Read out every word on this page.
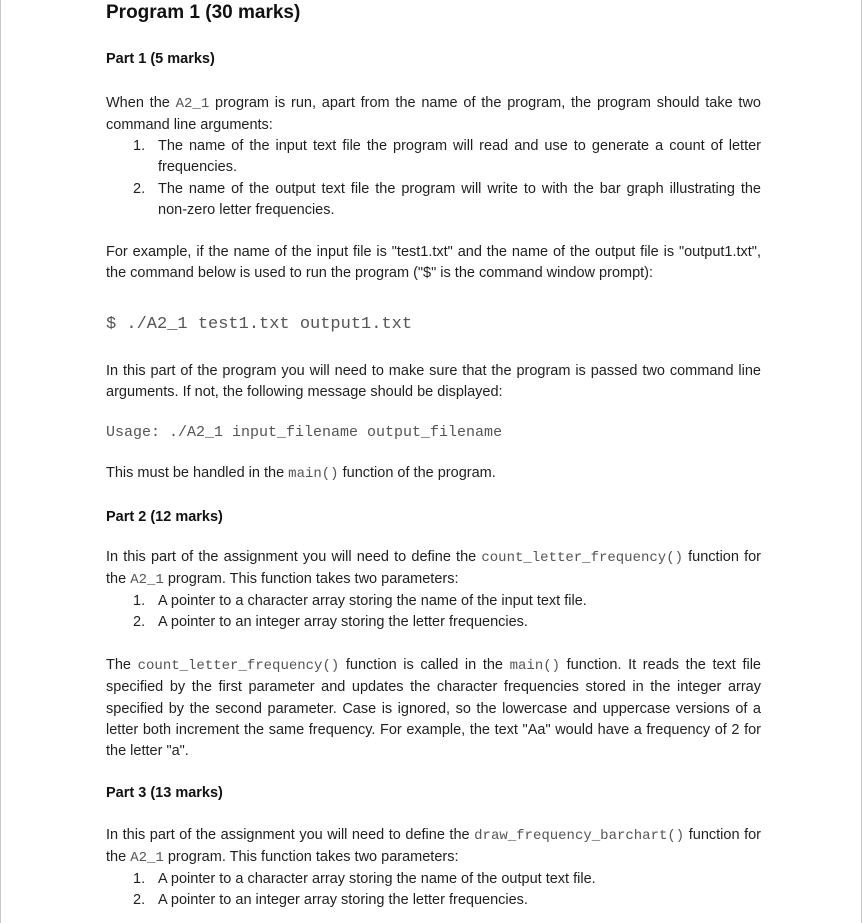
Program 1 (30 marks)
Part 1 (5 marks)

When the A2_1 program is run, apart from the name of the program, the program should take two command line arguments:

1. The name of the input text file the program will read and use to generate a count of letter frequencies.
2. The name of the output text file the program will write to with the bar graph illustrating the non-zero letter frequencies.

For example, if the name of the input file is "test1.txt" and the name of the output file is "output1.txt", the command below is used to run the program ("$" is the command window prompt):

$ ./A2_1 test1.txt output1.txt

In this part of the program you will need to make sure that the program is passed two command line arguments. If not, the following message should be displayed:

Usage: ./A2_1 input_filename output_filename

This must be handled in the main() function of the program.

Part 2 (12 marks)

In this part of the assignment you will need to define the count_letter_frequency() function for the A2_1 program. This function takes two parameters:

1. A pointer to a character array storing the name of the input text file.
2. A pointer to an integer array storing the letter frequencies.

The count_letter_frequency() function is called in the main() function. It reads the text file specified by the first parameter and updates the character frequencies stored in the integer array specified by the second parameter. Case is ignored, so the lowercase and uppercase versions of a letter both increment the same frequency. For example, the text "Aa" would have a frequency of 2 for the letter "a".

Part 3 (13 marks)

In this part of the assignment you will need to define the draw_frequency_barchart() function for the A2_1 program. This function takes two parameters:

1. A pointer to a character array storing the name of the output text file.
2. A pointer to an integer array storing the letter frequencies.
